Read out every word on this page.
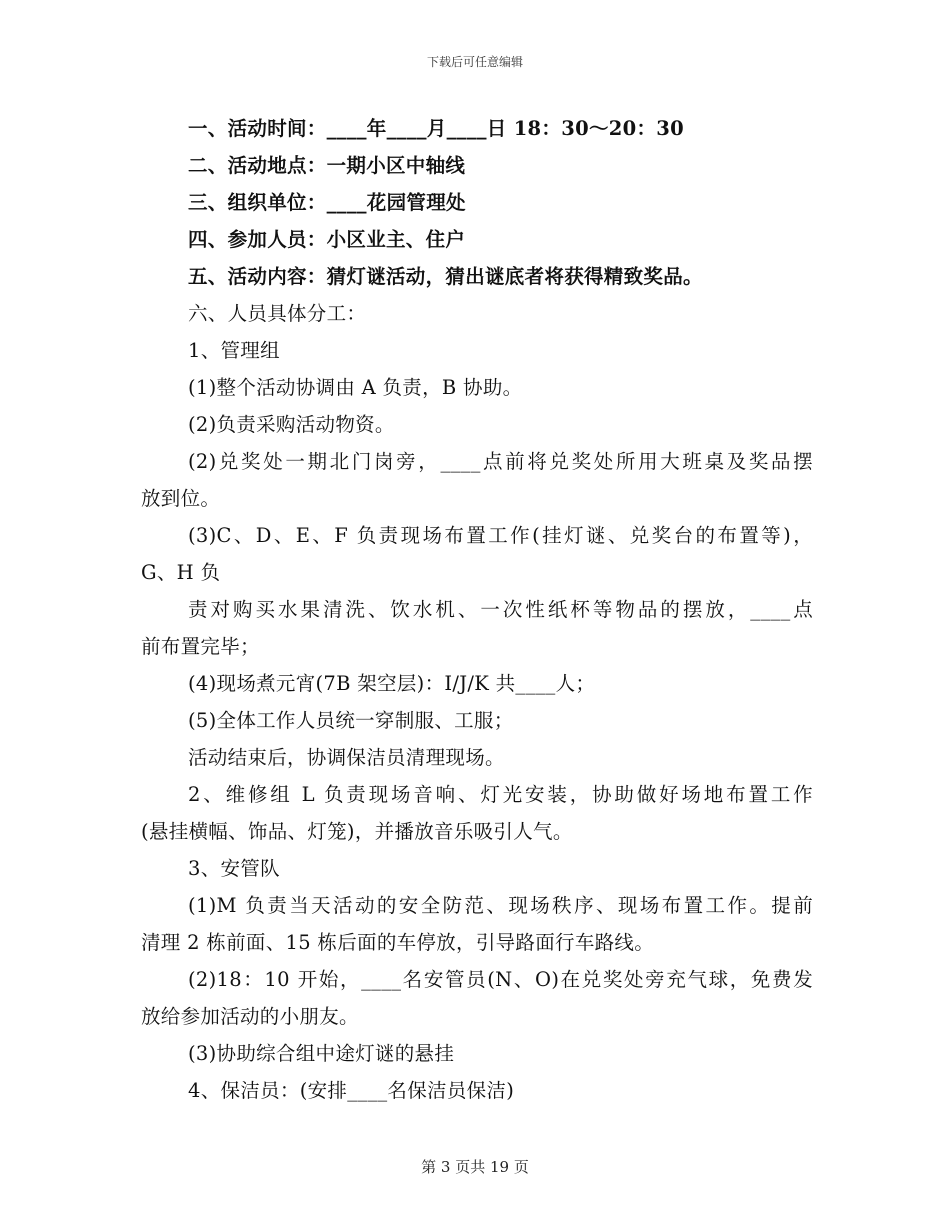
下载后可任意编辑
一、活动时间：____年____月____日 18：30～20：30
二、活动地点：一期小区中轴线
三、组织单位：____花园管理处
四、参加人员：小区业主、住户
五、活动内容：猜灯谜活动，猜出谜底者将获得精致奖品。
六、人员具体分工：
1、管理组
(1)整个活动协调由 A 负责，B 协助。
(2)负责采购活动物资。
(2)兑奖处一期北门岗旁，____点前将兑奖处所用大班桌及奖品摆
放到位。
(3)C、D、E、F 负责现场布置工作(挂灯谜、兑奖台的布置等)，
G、H 负
责对购买水果清洗、饮水机、一次性纸杯等物品的摆放，____点
前布置完毕；
(4)现场煮元宵(7B 架空层)：I/J/K 共____人；
(5)全体工作人员统一穿制服、工服；
活动结束后，协调保洁员清理现场。
2、维修组 L 负责现场音响、灯光安装，协助做好场地布置工作
(悬挂横幅、饰品、灯笼)，并播放音乐吸引人气。
3、安管队
(1)M 负责当天活动的安全防范、现场秩序、现场布置工作。提前
清理 2 栋前面、15 栋后面的车停放，引导路面行车路线。
(2)18：10 开始，____名安管员(N、O)在兑奖处旁充气球，免费发
放给参加活动的小朋友。
(3)协助综合组中途灯谜的悬挂
4、保洁员：(安排____名保洁员保洁)
第 3 页共 19 页
